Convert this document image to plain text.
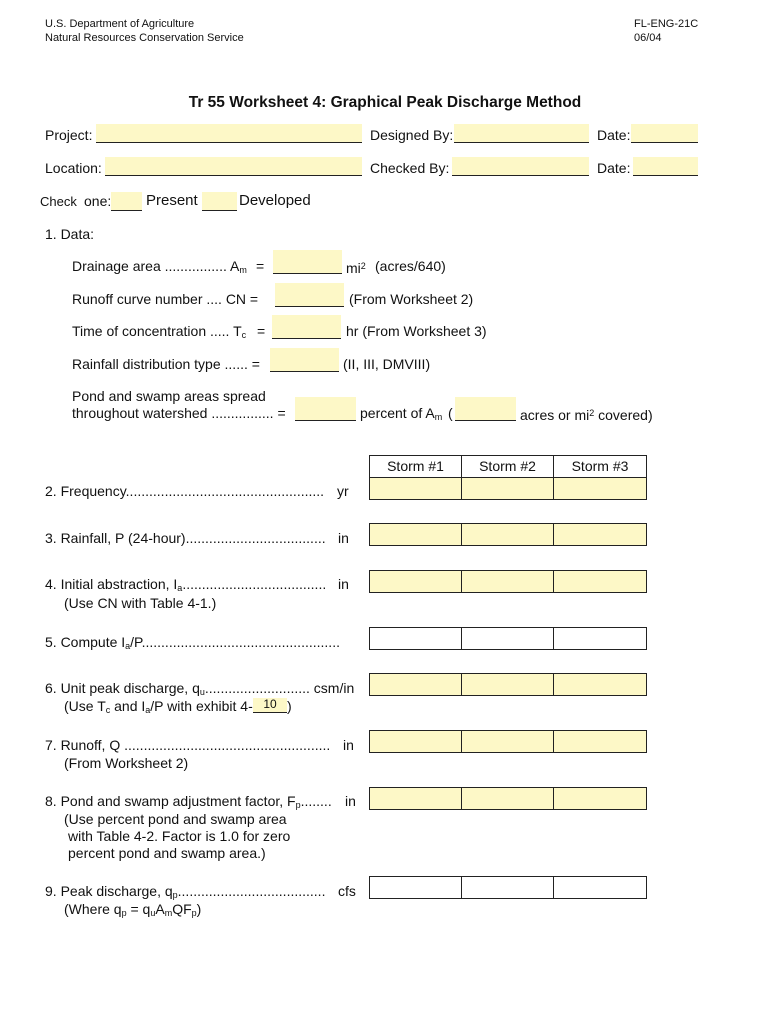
U.S. Department of Agriculture
Natural Resources Conservation Service
FL-ENG-21C
06/04
Tr 55 Worksheet 4: Graphical Peak Discharge Method
Project:	Designed By:	Date:
Location:	Checked By:	Date:
Check one: Present	Developed
1. Data:
Drainage area ................ $A_m$ =	$mi^2$ (acres/640)
Runoff curve number .... CN =	(From Worksheet 2)
Time of concentration ..... $T_c$ =	hr (From Worksheet 3)
Rainfall distribution type ...... =	(II, III, DMVIII)
Pond and swamp areas spread
throughout watershed ................ =	percent of $A_m$ (	acres or $mi^2$ covered)
Storm #1	Storm #2	Storm #3
2. Frequency................................................... yr
3. Rainfall, P (24-hour).................................... in
4. Initial abstraction, $I_a$..................................... in
(Use CN with Table 4-1.)
5. Compute $I_a/P$...................................................
6. Unit peak discharge, $q_u$........................... csm/in
(Use $T_c$ and $I_a/P$ with exhibit 4- 10 )
7. Runoff, Q ..................................................... in
(From Worksheet 2)
8. Pond and swamp adjustment factor, $F_p$........ in
(Use percent pond and swamp area
with Table 4-2. Factor is 1.0 for zero
percent pond and swamp area.)
9. Peak discharge, $q_p$...................................... cfs
(Where $q_p = q_uA_mQF_p$)
